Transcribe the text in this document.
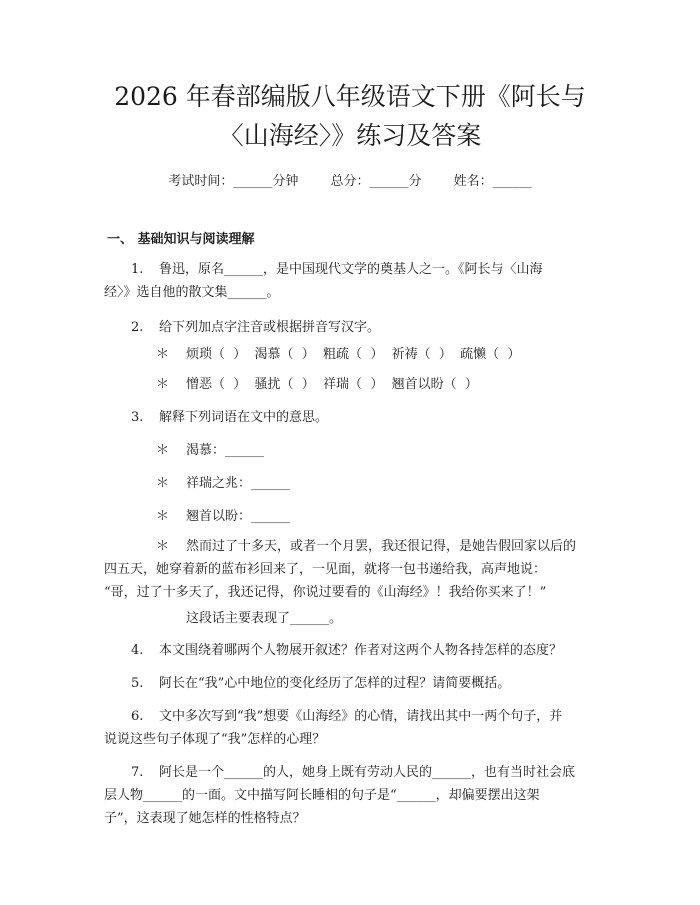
2026 年春部编版八年级语文下册《阿长与
〈山海经〉》练习及答案
考试时间：______分钟 总分：______分 姓名：______
一、 基础知识与阅读理解
1. 鲁迅，原名______，是中国现代文学的奠基人之一。《阿长与〈山海
经〉》选自他的散文集______。
2. 给下列加点字注音或根据拼音写汉字。
＊ 烦琐（  ）  渴慕（  ）  粗疏（  ）  祈祷（  ）  疏懒（  ）
＊ 憎恶（  ）  骚扰（  ）  祥瑞（  ）  翘首以盼（  ）
3. 解释下列词语在文中的意思。
＊ 渴慕：______
＊ 祥瑞之兆：______
＊ 翘首以盼：______
＊ 然而过了十多天，或者一个月罢，我还很记得，是她告假回家以后的
四五天，她穿着新的蓝布衫回来了，一见面，就将一包书递给我，高声地说：
“哥，过了十多天了，我还记得，你说过要看的《山海经》！我给你买来了！”
这段话主要表现了______。
4. 本文围绕着哪两个人物展开叙述？作者对这两个人物各持怎样的态度？
5. 阿长在“我”心中地位的变化经历了怎样的过程？请简要概括。
6. 文中多次写到“我”想要《山海经》的心情，请找出其中一两个句子，并
说说这些句子体现了“我”怎样的心理？
7. 阿长是一个______的人，她身上既有劳动人民的______，也有当时社会底
层人物______的一面。文中描写阿长睡相的句子是“______，却偏要摆出这架
子”，这表现了她怎样的性格特点？
